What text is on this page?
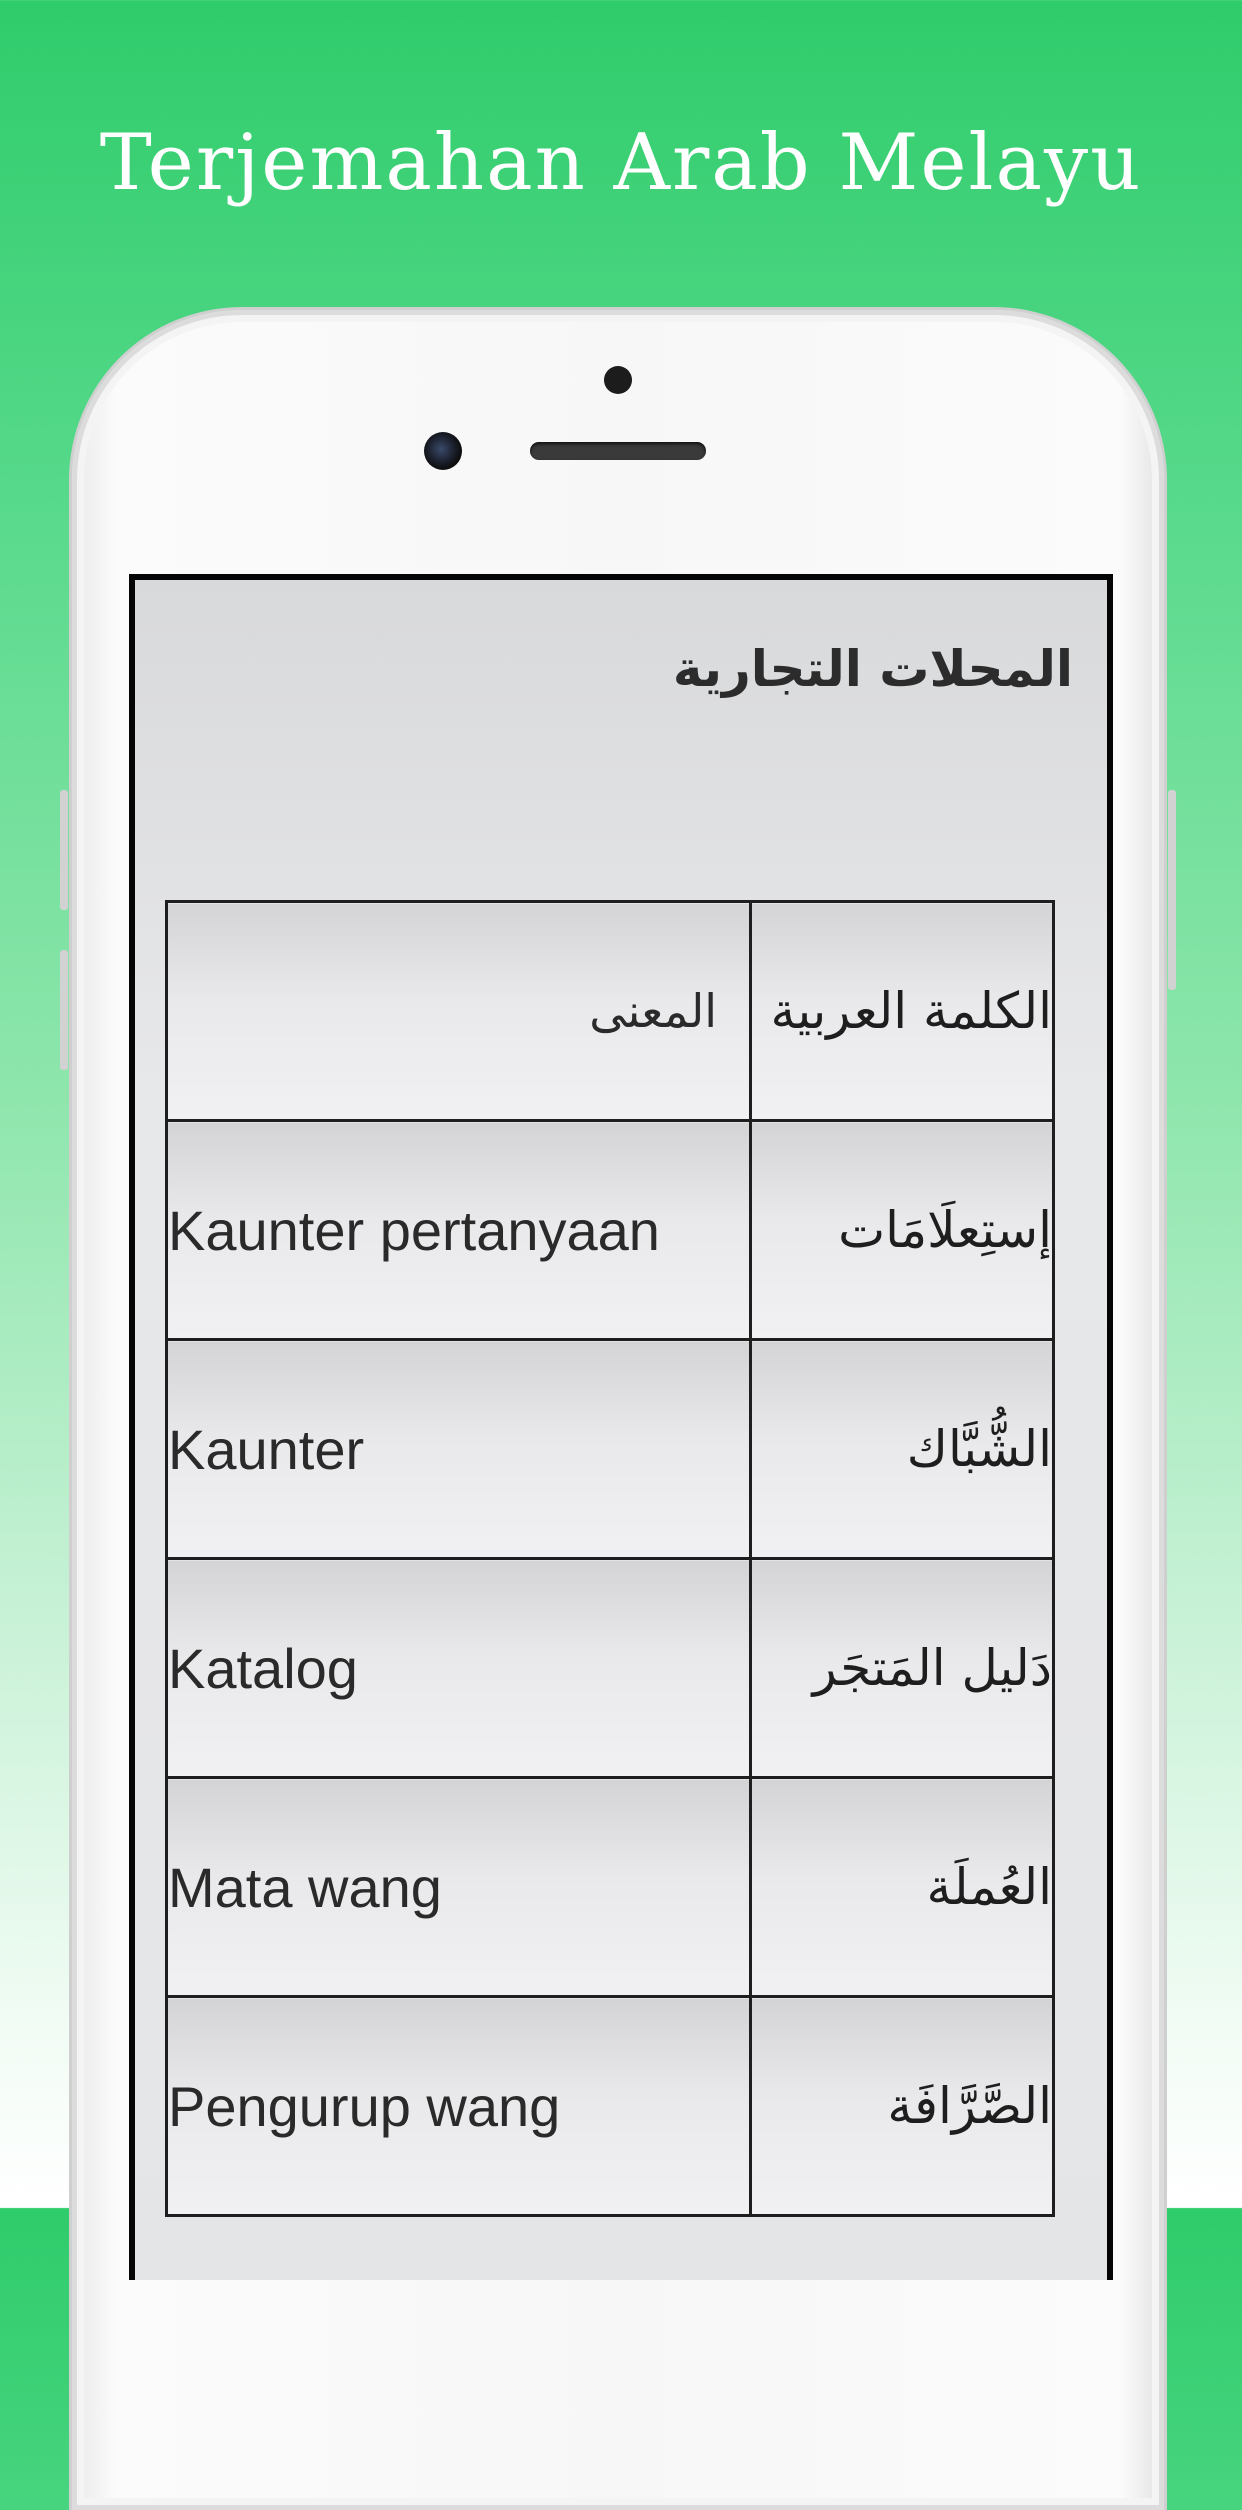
Terjemahan Arab Melayu
المحلات التجارية
المعنى	الكلمة العربية
Kaunter pertanyaan	إستِعلَامَات
Kaunter	الشُّبَّاك
Katalog	دَليل المَتجَر
Mata wang	العُملَة
Pengurup wang	الصَّرَّافَة
